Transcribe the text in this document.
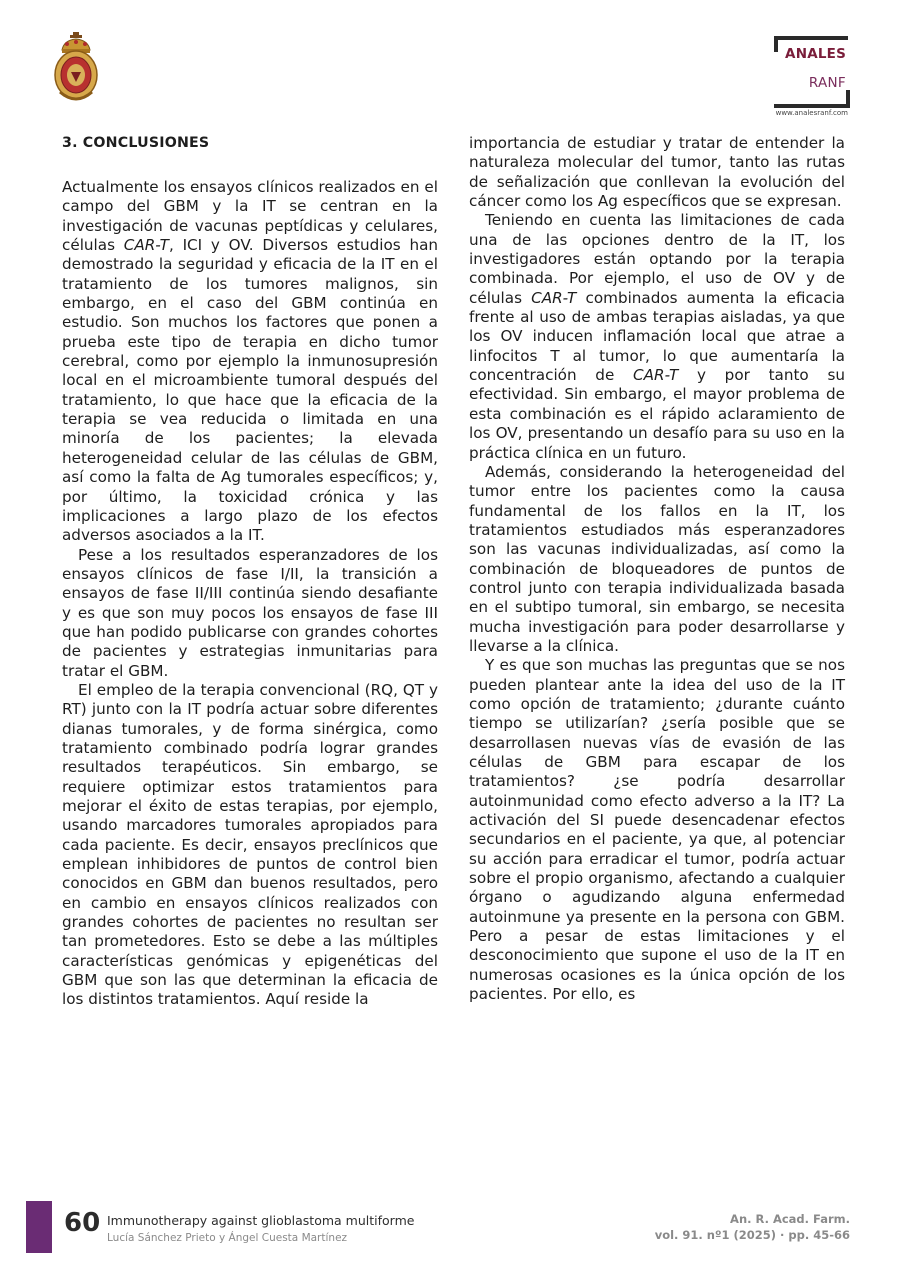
ANALES
RANF
www.analesranf.com

3. CONCLUSIONES

Actualmente los ensayos clínicos realizados en el campo del GBM y la IT se centran en la investigación de vacunas peptídicas y celulares, células CAR-T, ICI y OV. Diversos estudios han demostrado la seguridad y eficacia de la IT en el tratamiento de los tumores malignos, sin embargo, en el caso del GBM continúa en estudio. Son muchos los factores que ponen a prueba este tipo de terapia en dicho tumor cerebral, como por ejemplo la inmunosupresión local en el microambiente tumoral después del tratamiento, lo que hace que la eficacia de la terapia se vea reducida o limitada en una minoría de los pacientes; la elevada heterogeneidad celular de las células de GBM, así como la falta de Ag tumorales específicos; y, por último, la toxicidad crónica y las implicaciones a largo plazo de los efectos adversos asociados a la IT.

Pese a los resultados esperanzadores de los ensayos clínicos de fase I/II, la transición a ensayos de fase II/III continúa siendo desafiante y es que son muy pocos los ensayos de fase III que han podido publicarse con grandes cohortes de pacientes y estrategias inmunitarias para tratar el GBM.

El empleo de la terapia convencional (RQ, QT y RT) junto con la IT podría actuar sobre diferentes dianas tumorales, y de forma sinérgica, como tratamiento combinado podría lograr grandes resultados terapéuticos. Sin embargo, se requiere optimizar estos tratamientos para mejorar el éxito de estas terapias, por ejemplo, usando marcadores tumorales apropiados para cada paciente. Es decir, ensayos preclínicos que emplean inhibidores de puntos de control bien conocidos en GBM dan buenos resultados, pero en cambio en ensayos clínicos realizados con grandes cohortes de pacientes no resultan ser tan prometedores. Esto se debe a las múltiples características genómicas y epigenéticas del GBM que son las que determinan la eficacia de los distintos tratamientos. Aquí reside la

importancia de estudiar y tratar de entender la naturaleza molecular del tumor, tanto las rutas de señalización que conllevan la evolución del cáncer como los Ag específicos que se expresan.

Teniendo en cuenta las limitaciones de cada una de las opciones dentro de la IT, los investigadores están optando por la terapia combinada. Por ejemplo, el uso de OV y de células CAR-T combinados aumenta la eficacia frente al uso de ambas terapias aisladas, ya que los OV inducen inflamación local que atrae a linfocitos T al tumor, lo que aumentaría la concentración de CAR-T y por tanto su efectividad. Sin embargo, el mayor problema de esta combinación es el rápido aclaramiento de los OV, presentando un desafío para su uso en la práctica clínica en un futuro.

Además, considerando la heterogeneidad del tumor entre los pacientes como la causa fundamental de los fallos en la IT, los tratamientos estudiados más esperanzadores son las vacunas individualizadas, así como la combinación de bloqueadores de puntos de control junto con terapia individualizada basada en el subtipo tumoral, sin embargo, se necesita mucha investigación para poder desarrollarse y llevarse a la clínica.

Y es que son muchas las preguntas que se nos pueden plantear ante la idea del uso de la IT como opción de tratamiento; ¿durante cuánto tiempo se utilizarían? ¿sería posible que se desarrollasen nuevas vías de evasión de las células de GBM para escapar de los tratamientos? ¿se podría desarrollar autoinmunidad como efecto adverso a la IT? La activación del SI puede desencadenar efectos secundarios en el paciente, ya que, al potenciar su acción para erradicar el tumor, podría actuar sobre el propio organismo, afectando a cualquier órgano o agudizando alguna enfermedad autoinmune ya presente en la persona con GBM. Pero a pesar de estas limitaciones y el desconocimiento que supone el uso de la IT en numerosas ocasiones es la única opción de los pacientes. Por ello, es

60 Immunotherapy against glioblastoma multiforme
Lucía Sánchez Prieto y Ángel Cuesta Martínez
An. R. Acad. Farm.
vol. 91. nº1 (2025) · pp. 45-66
